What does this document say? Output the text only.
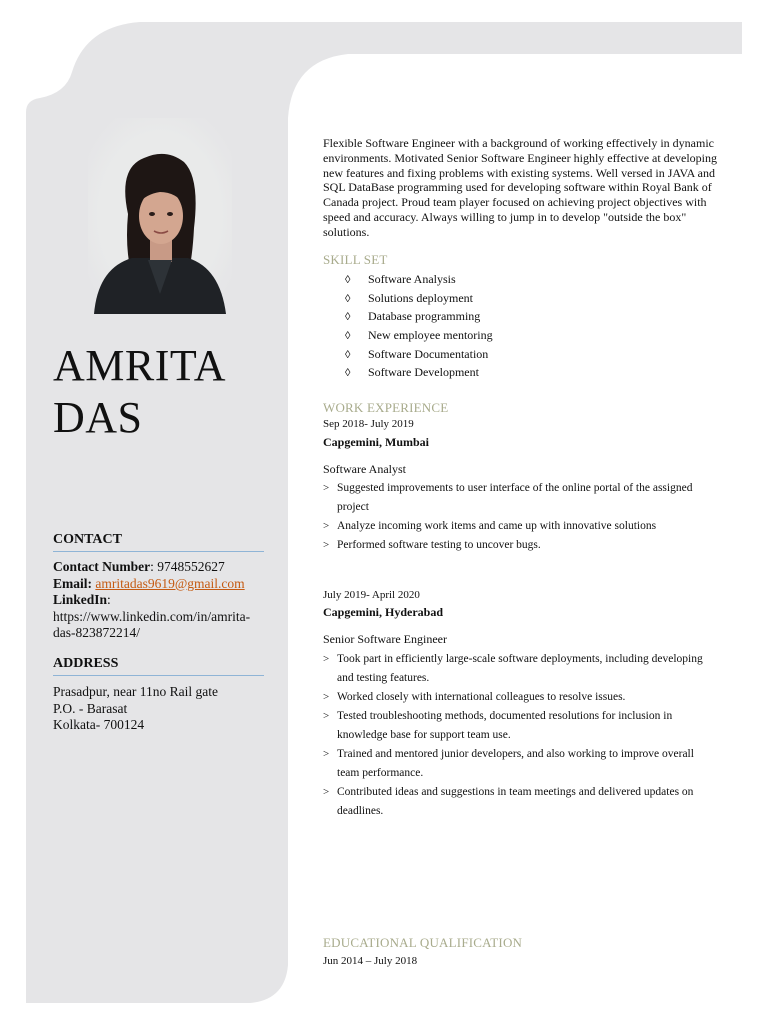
AMRITA
DAS
CONTACT
Contact Number: 9748552627
Email: amritadas9619@gmail.com
LinkedIn:
https://www.linkedin.com/in/amrita-
das-823872214/
ADDRESS
Prasadpur, near 11no Rail gate
P.O. - Barasat
Kolkata- 700124
Flexible Software Engineer with a background of working effectively in dynamic environments. Motivated Senior Software Engineer highly effective at developing new features and fixing problems with existing systems. Well versed in JAVA and SQL DataBase programming used for developing software within Royal Bank of Canada project. Proud team player focused on achieving project objectives with speed and accuracy. Always willing to jump in to develop "outside the box" solutions.
SKILL SET
◊ Software Analysis
◊ Solutions deployment
◊ Database programming
◊ New employee mentoring
◊ Software Documentation
◊ Software Development
WORK EXPERIENCE
Sep 2018- July 2019
Capgemini, Mumbai
Software Analyst
> Suggested improvements to user interface of the online portal of the assigned project
> Analyze incoming work items and came up with innovative solutions
> Performed software testing to uncover bugs.
July 2019- April 2020
Capgemini, Hyderabad
Senior Software Engineer
> Took part in efficiently large-scale software deployments, including developing and testing features.
> Worked closely with international colleagues to resolve issues.
> Tested troubleshooting methods, documented resolutions for inclusion in knowledge base for support team use.
> Trained and mentored junior developers, and also working to improve overall team performance.
> Contributed ideas and suggestions in team meetings and delivered updates on deadlines.
EDUCATIONAL QUALIFICATION
Jun 2014 – July 2018
